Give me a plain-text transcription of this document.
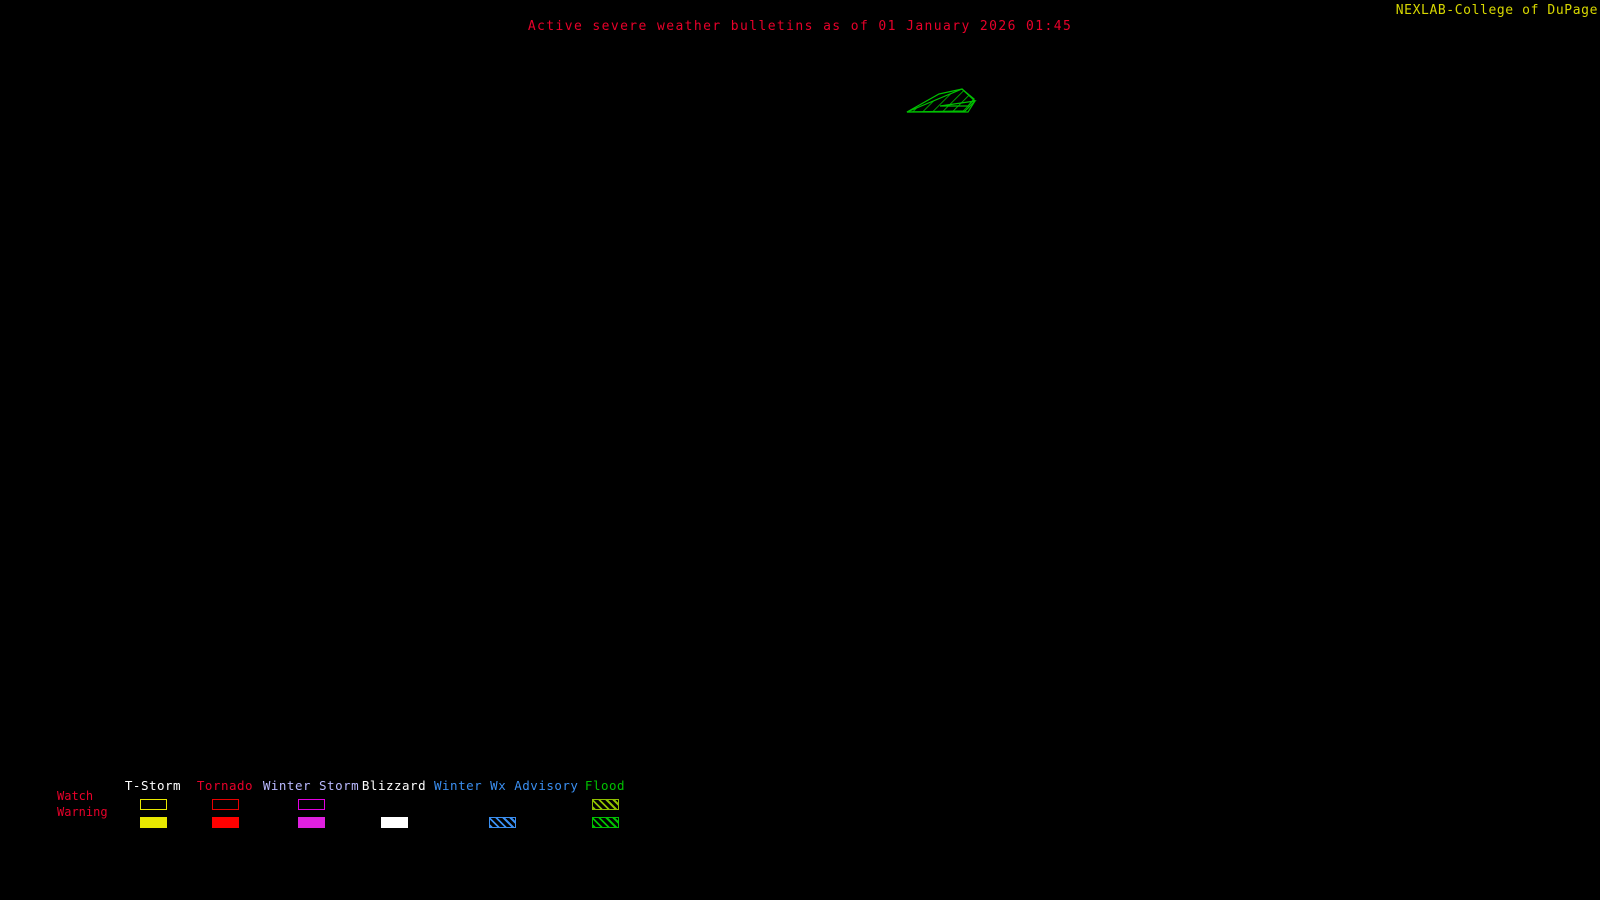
Active severe weather bulletins as of 01 January 2026 01:45
NEXLAB-College of DuPage
Watch
Warning
T-Storm	Tornado Winter Storm Blizzard Winter Wx Advisory Flood
